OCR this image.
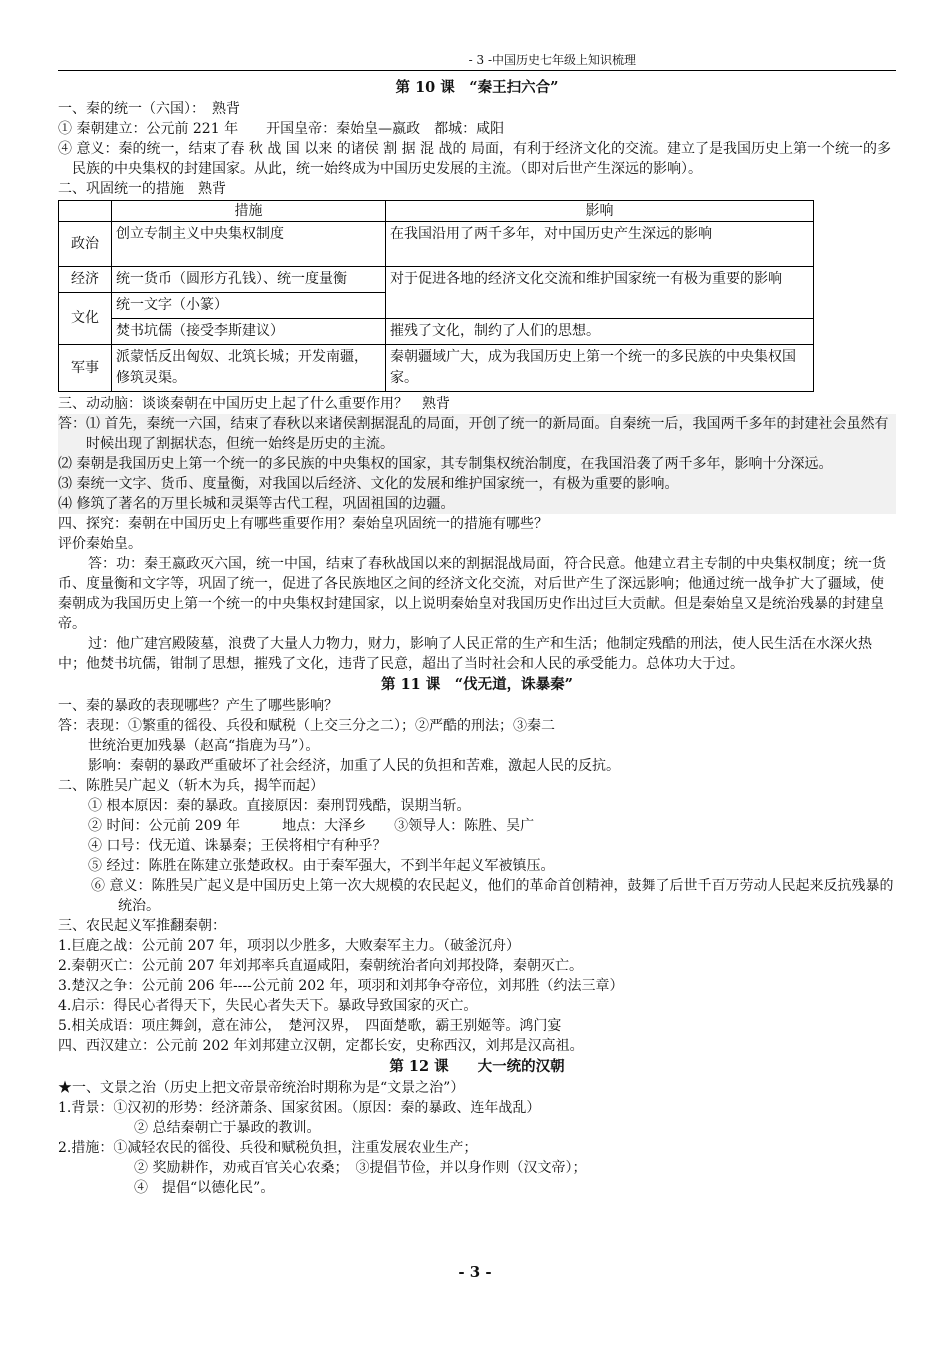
- 3 -中国历史七年级上知识梳理

第 10 课　“秦王扫六合”

一、秦的统一（六国）：　熟背

① 秦朝建立：公元前 221 年　　开国皇帝：秦始皇—嬴政　都城：咸阳

④ 意义：秦的统一，结束了春 秋 战 国 以来 的诸侯 割 据 混 战的 局面，有利于经济文化的交流。建立了是我国历史上第一个统一的多民族的中央集权的封建国家。从此，统一始终成为中国历史发展的主流。（即对后世产生深远的影响）。

二、巩固统一的措施　熟背

	措施	影响
政治	创立专制主义中央集权制度	在我国沿用了两千多年，对中国历史产生深远的影响
经济	统一货币（圆形方孔钱）、统一度量衡	对于促进各地的经济文化交流和维护国家统一有极为重要的影响
文化	统一文字（小篆）	
	焚书坑儒（接受李斯建议）	摧残了文化，制约了人们的思想。
军事	派蒙恬反出匈奴、北筑长城；开发南疆，修筑灵渠。	秦朝疆域广大，成为我国历史上第一个统一的多民族的中央集权国家。

三、动动脑：谈谈秦朝在中国历史上起了什么重要作用？　熟背

答：⑴ 首先，秦统一六国，结束了春秋以来诸侯割据混乱的局面，开创了统一的新局面。自秦统一后，我国两千多年的封建社会虽然有时候出现了割据状态，但统一始终是历史的主流。

⑵ 秦朝是我国历史上第一个统一的多民族的中央集权的国家，其专制集权统治制度，在我国沿袭了两千多年，影响十分深远。

⑶ 秦统一文字、货币、度量衡，对我国以后经济、文化的发展和维护国家统一，有极为重要的影响。

⑷ 修筑了著名的万里长城和灵渠等古代工程，巩固祖国的边疆。

四、探究：秦朝在中国历史上有哪些重要作用？秦始皇巩固统一的措施有哪些？

评价秦始皇。

答：功：秦王嬴政灭六国，统一中国，结束了春秋战国以来的割据混战局面，符合民意。他建立君主专制的中央集权制度；统一货币、度量衡和文字等，巩固了统一，促进了各民族地区之间的经济文化交流，对后世产生了深远影响；他通过统一战争扩大了疆域，使秦朝成为我国历史上第一个统一的中央集权封建国家，以上说明秦始皇对我国历史作出过巨大贡献。但是秦始皇又是统治残暴的封建皇帝。

过：他广建宫殿陵墓，浪费了大量人力物力，财力，影响了人民正常的生产和生活；他制定残酷的刑法，使人民生活在水深火热中；他焚书坑儒，钳制了思想，摧残了文化，违背了民意，超出了当时社会和人民的承受能力。总体功大于过。

第 11 课　“伐无道，诛暴秦”

一、秦的暴政的表现哪些？产生了哪些影响？

答：表现：①繁重的徭役、兵役和赋税（上交三分之二）；②严酷的刑法；③秦二

世统治更加残暴（赵高“指鹿为马”）。

影响：秦朝的暴政严重破坏了社会经济，加重了人民的负担和苦难，激起人民的反抗。

二、陈胜吴广起义（斩木为兵，揭竿而起）

① 根本原因：秦的暴政。直接原因：秦刑罚残酷，误期当斩。

② 时间：公元前 209 年　　　地点：大泽乡　　③领导人：陈胜、吴广

④ 口号：伐无道、诛暴秦；王侯将相宁有种乎？

⑤ 经过：陈胜在陈建立张楚政权。由于秦军强大，不到半年起义军被镇压。

⑥ 意义：陈胜吴广起义是中国历史上第一次大规模的农民起义，他们的革命首创精神，鼓舞了后世千百万劳动人民起来反抗残暴的统治。

三、农民起义军推翻秦朝：

1.巨鹿之战：公元前 207 年，项羽以少胜多，大败秦军主力。（破釜沉舟）

2.秦朝灭亡：公元前 207 年刘邦率兵直逼咸阳，秦朝统治者向刘邦投降，秦朝灭亡。

3.楚汉之争：公元前 206 年----公元前 202 年，项羽和刘邦争夺帝位，刘邦胜（约法三章）

4.启示：得民心者得天下，失民心者失天下。暴政导致国家的灭亡。

5.相关成语：项庄舞剑，意在沛公，　楚河汉界，　四面楚歌，霸王别姬等。鸿门宴

四、西汉建立：公元前 202 年刘邦建立汉朝，定都长安，史称西汉，刘邦是汉高祖。

第 12 课　　大一统的汉朝

★一、文景之治（历史上把文帝景帝统治时期称为是“文景之治”）

1.背景：①汉初的形势：经济萧条、国家贫困。（原因：秦的暴政、连年战乱）

② 总结秦朝亡于暴政的教训。

2.措施：①减轻农民的徭役、兵役和赋税负担，注重发展农业生产；

② 奖励耕作，劝戒百官关心农桑；　③提倡节俭，并以身作则（汉文帝）；

④　提倡“以德化民”。

- 3 -
